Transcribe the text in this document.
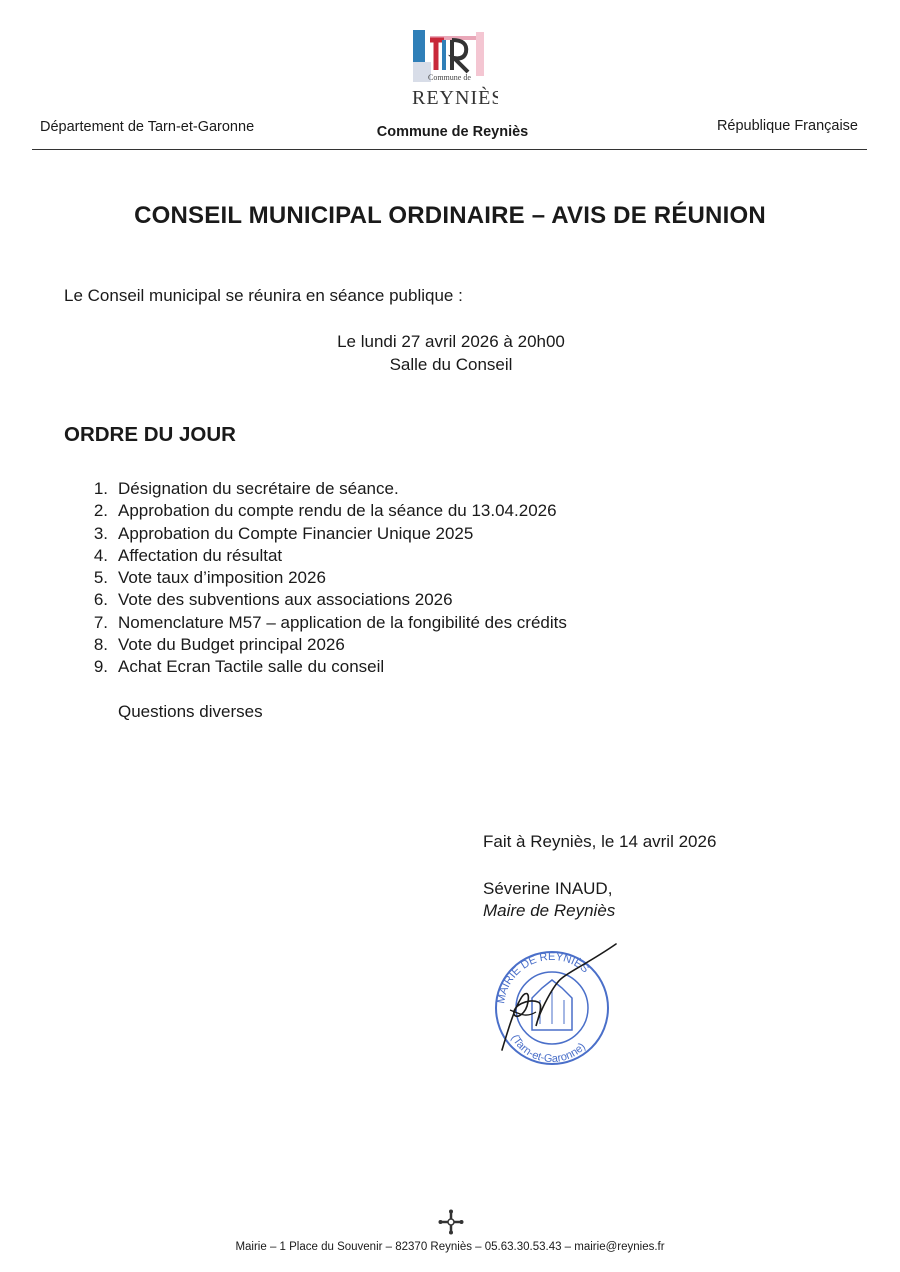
Commune de
REYNIÈS
Département de Tarn-et-Garonne	Commune de Reyniès	République Française
CONSEIL MUNICIPAL ORDINAIRE – AVIS DE RÉUNION
Le Conseil municipal se réunira en séance publique :
Le lundi 27 avril 2026 à 20h00
Salle du Conseil
ORDRE DU JOUR
1. Désignation du secrétaire de séance.
2. Approbation du compte rendu de la séance du 13.04.2026
3. Approbation du Compte Financier Unique 2025
4. Affectation du résultat
5. Vote taux d’imposition 2026
6. Vote des subventions aux associations 2026
7. Nomenclature M57 – application de la fongibilité des crédits
8. Vote du Budget principal 2026
9. Achat Ecran Tactile salle du conseil
Questions diverses
Fait à Reyniès, le 14 avril 2026
Séverine INAUD,
Maire de Reyniès
MAIRIE DE REYNIÈS
(Tarn-et-Garonne)
Mairie – 1 Place du Souvenir – 82370 Reyniès – 05.63.30.53.43 – mairie@reynies.fr
